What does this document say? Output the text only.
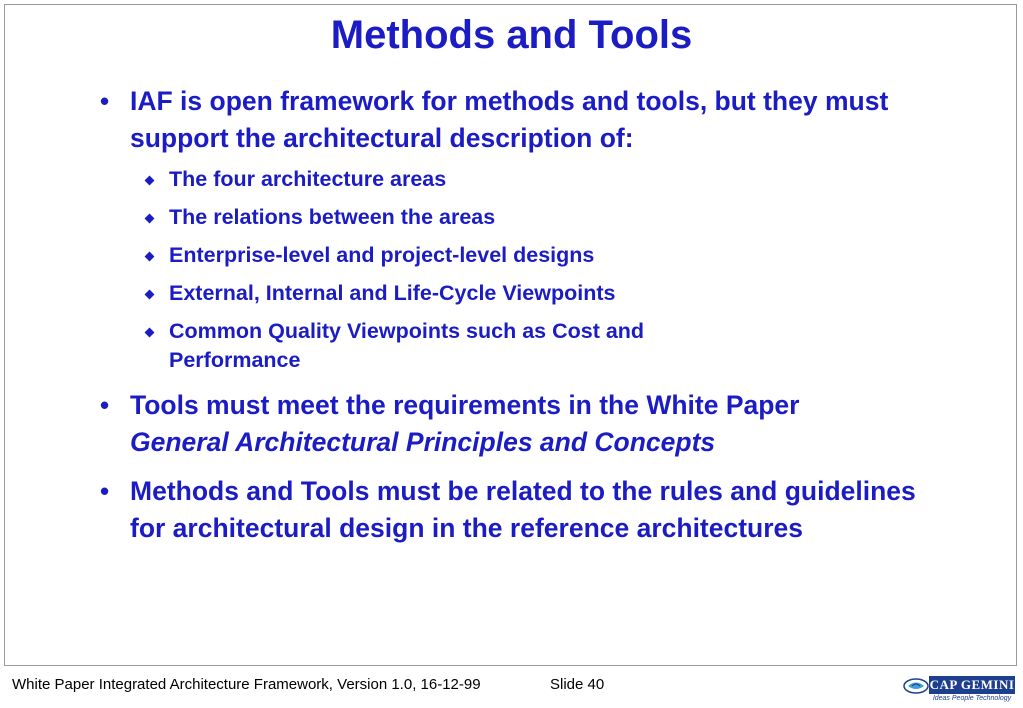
Methods and Tools
• IAF is open framework for methods and tools, but they must support the architectural description of:
The four architecture areas
The relations between the areas
Enterprise-level and project-level designs
External, Internal and Life-Cycle Viewpoints
Common Quality Viewpoints such as Cost and Performance
• Tools must meet the requirements in the White Paper General Architectural Principles and Concepts
• Methods and Tools must be related to the rules and guidelines for architectural design in the reference architectures
White Paper Integrated Architecture Framework, Version 1.0, 16-12-99	Slide 40	CAP GEMINI
Ideas People Technology
